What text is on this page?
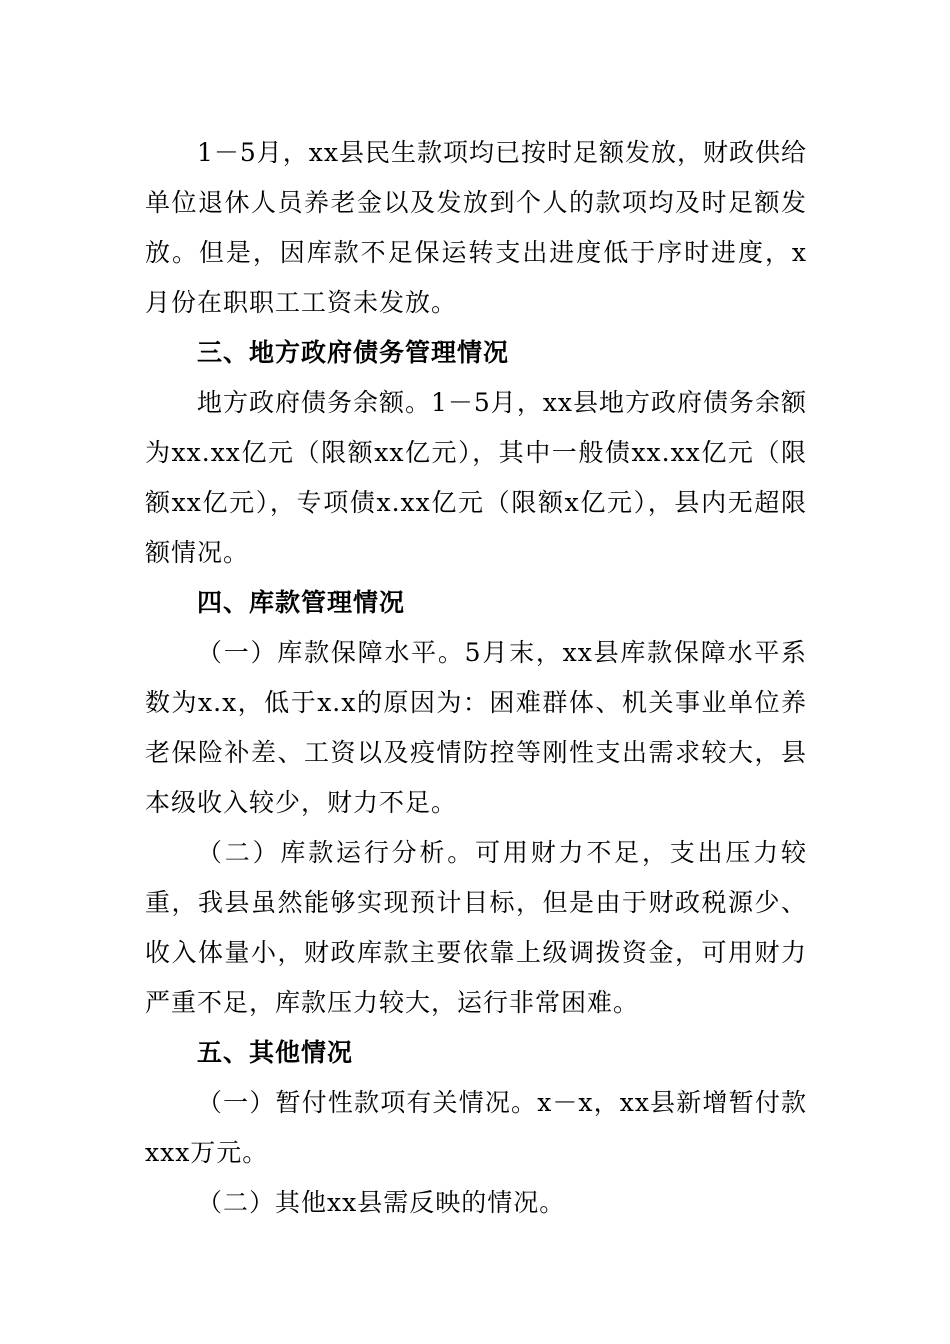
1－5月，xx县民生款项均已按时足额发放，财政供给单位退休人员养老金以及发放到个人的款项均及时足额发放。但是，因库款不足保运转支出进度低于序时进度，x月份在职职工工资未发放。

三、地方政府债务管理情况

地方政府债务余额。1－5月，xx县地方政府债务余额为xx.xx亿元（限额xx亿元），其中一般债xx.xx亿元（限额xx亿元），专项债x.xx亿元（限额x亿元），县内无超限额情况。

四、库款管理情况

（一）库款保障水平。5月末，xx县库款保障水平系数为x.x，低于x.x的原因为：困难群体、机关事业单位养老保险补差、工资以及疫情防控等刚性支出需求较大，县本级收入较少，财力不足。

（二）库款运行分析。可用财力不足，支出压力较重，我县虽然能够实现预计目标，但是由于财政税源少、收入体量小，财政库款主要依靠上级调拨资金，可用财力严重不足，库款压力较大，运行非常困难。

五、其他情况

（一）暂付性款项有关情况。x－x，xx县新增暂付款xxx万元。

（二）其他xx县需反映的情况。
